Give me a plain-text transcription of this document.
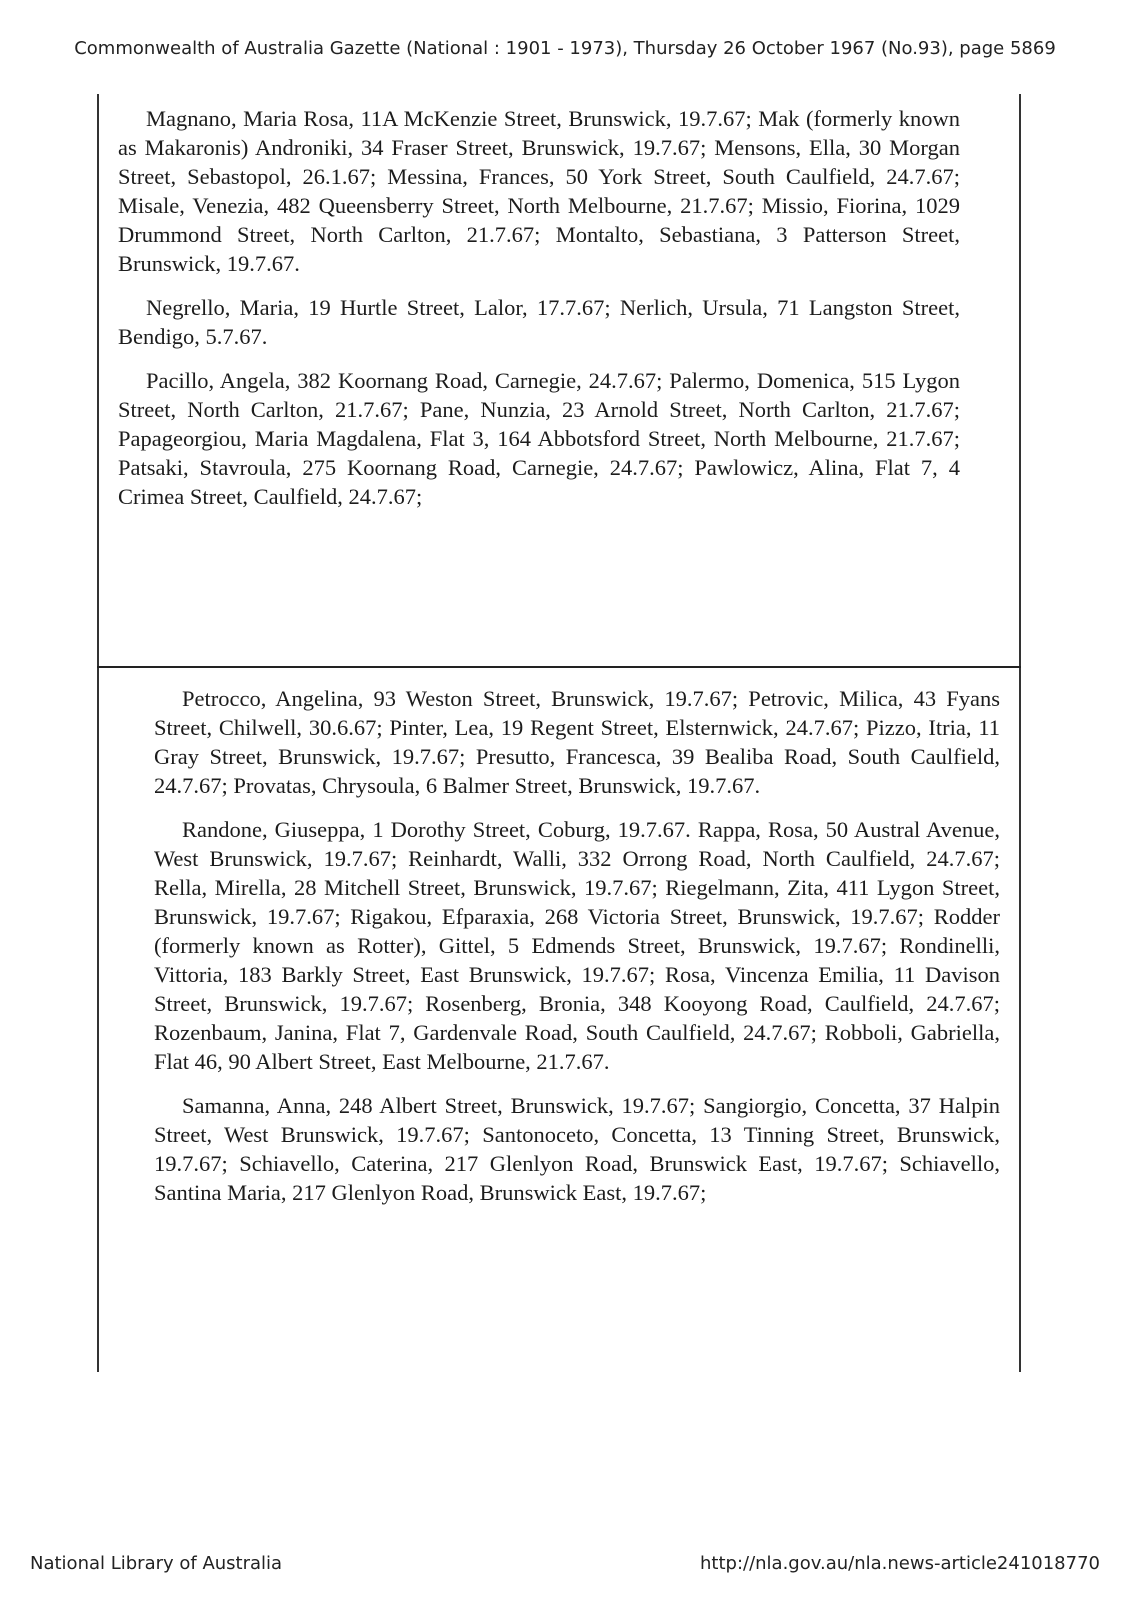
Commonwealth of Australia Gazette (National : 1901 - 1973), Thursday 26 October 1967 (No.93), page 5869

Magnano, Maria Rosa, 11A McKenzie Street, Brunswick, 19.7.67; Mak (formerly known as Makaronis) Androniki, 34 Fraser Street, Brunswick, 19.7.67; Mensons, Ella, 30 Morgan Street, Sebastopol, 26.1.67; Messina, Frances, 50 York Street, South Caulfield, 24.7.67; Misale, Venezia, 482 Queensberry Street, North Melbourne, 21.7.67; Missio, Fiorina, 1029 Drummond Street, North Carlton, 21.7.67; Montalto, Sebastiana, 3 Patterson Street, Brunswick, 19.7.67.

Negrello, Maria, 19 Hurtle Street, Lalor, 17.7.67; Nerlich, Ursula, 71 Langston Street, Bendigo, 5.7.67.

Pacillo, Angela, 382 Koornang Road, Carnegie, 24.7.67; Palermo, Domenica, 515 Lygon Street, North Carlton, 21.7.67; Pane, Nunzia, 23 Arnold Street, North Carlton, 21.7.67; Papageorgiou, Maria Magdalena, Flat 3, 164 Abbotsford Street, North Melbourne, 21.7.67; Patsaki, Stavroula, 275 Koornang Road, Carnegie, 24.7.67; Pawlowicz, Alina, Flat 7, 4 Crimea Street, Caulfield, 24.7.67;

Petrocco, Angelina, 93 Weston Street, Brunswick, 19.7.67; Petrovic, Milica, 43 Fyans Street, Chilwell, 30.6.67; Pinter, Lea, 19 Regent Street, Elsternwick, 24.7.67; Pizzo, Itria, 11 Gray Street, Brunswick, 19.7.67; Presutto, Francesca, 39 Bealiba Road, South Caulfield, 24.7.67; Provatas, Chrysoula, 6 Balmer Street, Brunswick, 19.7.67.

Randone, Giuseppa, 1 Dorothy Street, Coburg, 19.7.67. Rappa, Rosa, 50 Austral Avenue, West Brunswick, 19.7.67; Reinhardt, Walli, 332 Orrong Road, North Caulfield, 24.7.67; Rella, Mirella, 28 Mitchell Street, Brunswick, 19.7.67; Riegelmann, Zita, 411 Lygon Street, Brunswick, 19.7.67; Rigakou, Efparaxia, 268 Victoria Street, Brunswick, 19.7.67; Rodder (formerly known as Rotter), Gittel, 5 Edmends Street, Brunswick, 19.7.67; Rondinelli, Vittoria, 183 Barkly Street, East Brunswick, 19.7.67; Rosa, Vincenza Emilia, 11 Davison Street, Brunswick, 19.7.67; Rosenberg, Bronia, 348 Kooyong Road, Caulfield, 24.7.67; Rozenbaum, Janina, Flat 7, Gardenvale Road, South Caulfield, 24.7.67; Robboli, Gabriella, Flat 46, 90 Albert Street, East Melbourne, 21.7.67.

Samanna, Anna, 248 Albert Street, Brunswick, 19.7.67; Sangiorgio, Concetta, 37 Halpin Street, West Brunswick, 19.7.67; Santonoceto, Concetta, 13 Tinning Street, Brunswick, 19.7.67; Schiavello, Caterina, 217 Glenlyon Road, Brunswick East, 19.7.67; Schiavello, Santina Maria, 217 Glenlyon Road, Brunswick East, 19.7.67;

National Library of Australia	http://nla.gov.au/nla.news-article241018770
